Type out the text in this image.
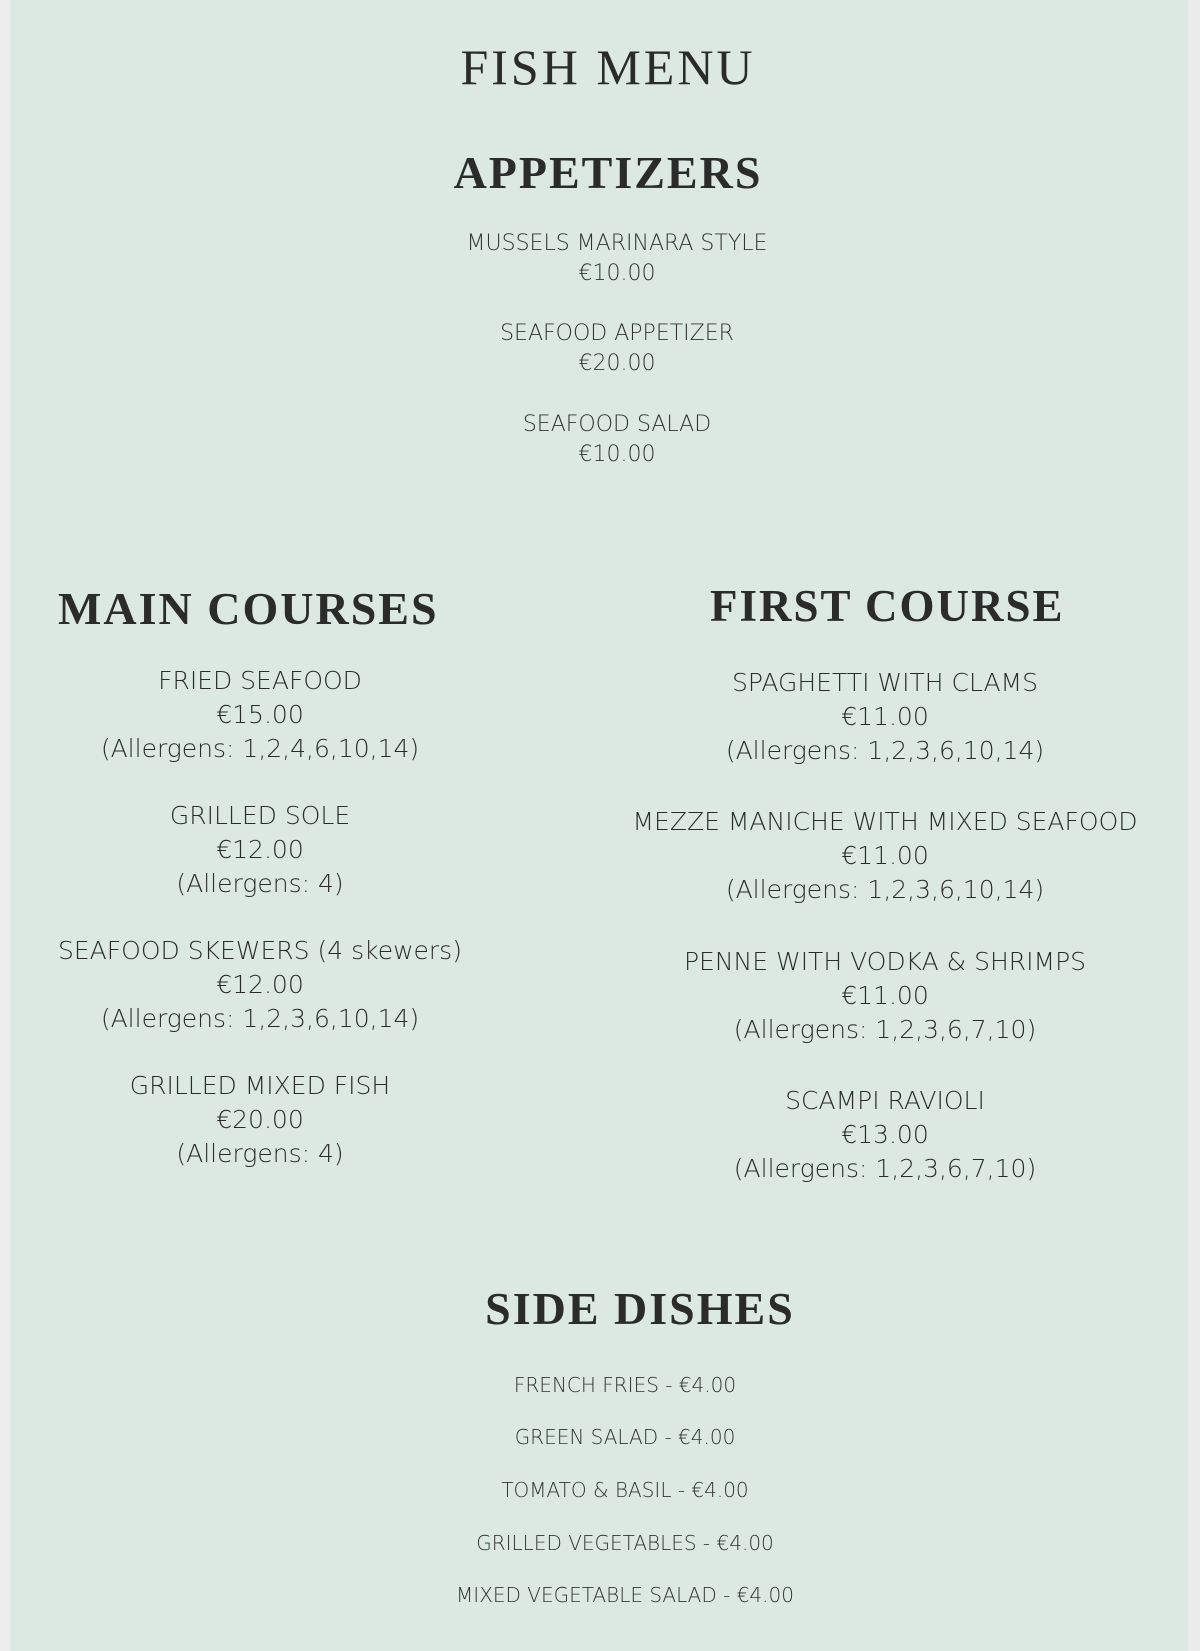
FISH MENU
APPETIZERS
MUSSELS MARINARA STYLE
€10.00
SEAFOOD APPETIZER
€20.00
SEAFOOD SALAD
€10.00
MAIN COURSES
FRIED SEAFOOD
€15.00
(Allergens: 1,2,4,6,10,14)
GRILLED SOLE
€12.00
(Allergens: 4)
SEAFOOD SKEWERS (4 skewers)
€12.00
(Allergens: 1,2,3,6,10,14)
GRILLED MIXED FISH
€20.00
(Allergens: 4)
FIRST COURSE
SPAGHETTI WITH CLAMS
€11.00
(Allergens: 1,2,3,6,10,14)
MEZZE MANICHE WITH MIXED SEAFOOD
€11.00
(Allergens: 1,2,3,6,10,14)
PENNE WITH VODKA & SHRIMPS
€11.00
(Allergens: 1,2,3,6,7,10)
SCAMPI RAVIOLI
€13.00
(Allergens: 1,2,3,6,7,10)
SIDE DISHES
FRENCH FRIES - €4.00
GREEN SALAD - €4.00
TOMATO & BASIL - €4.00
GRILLED VEGETABLES - €4.00
MIXED VEGETABLE SALAD - €4.00
